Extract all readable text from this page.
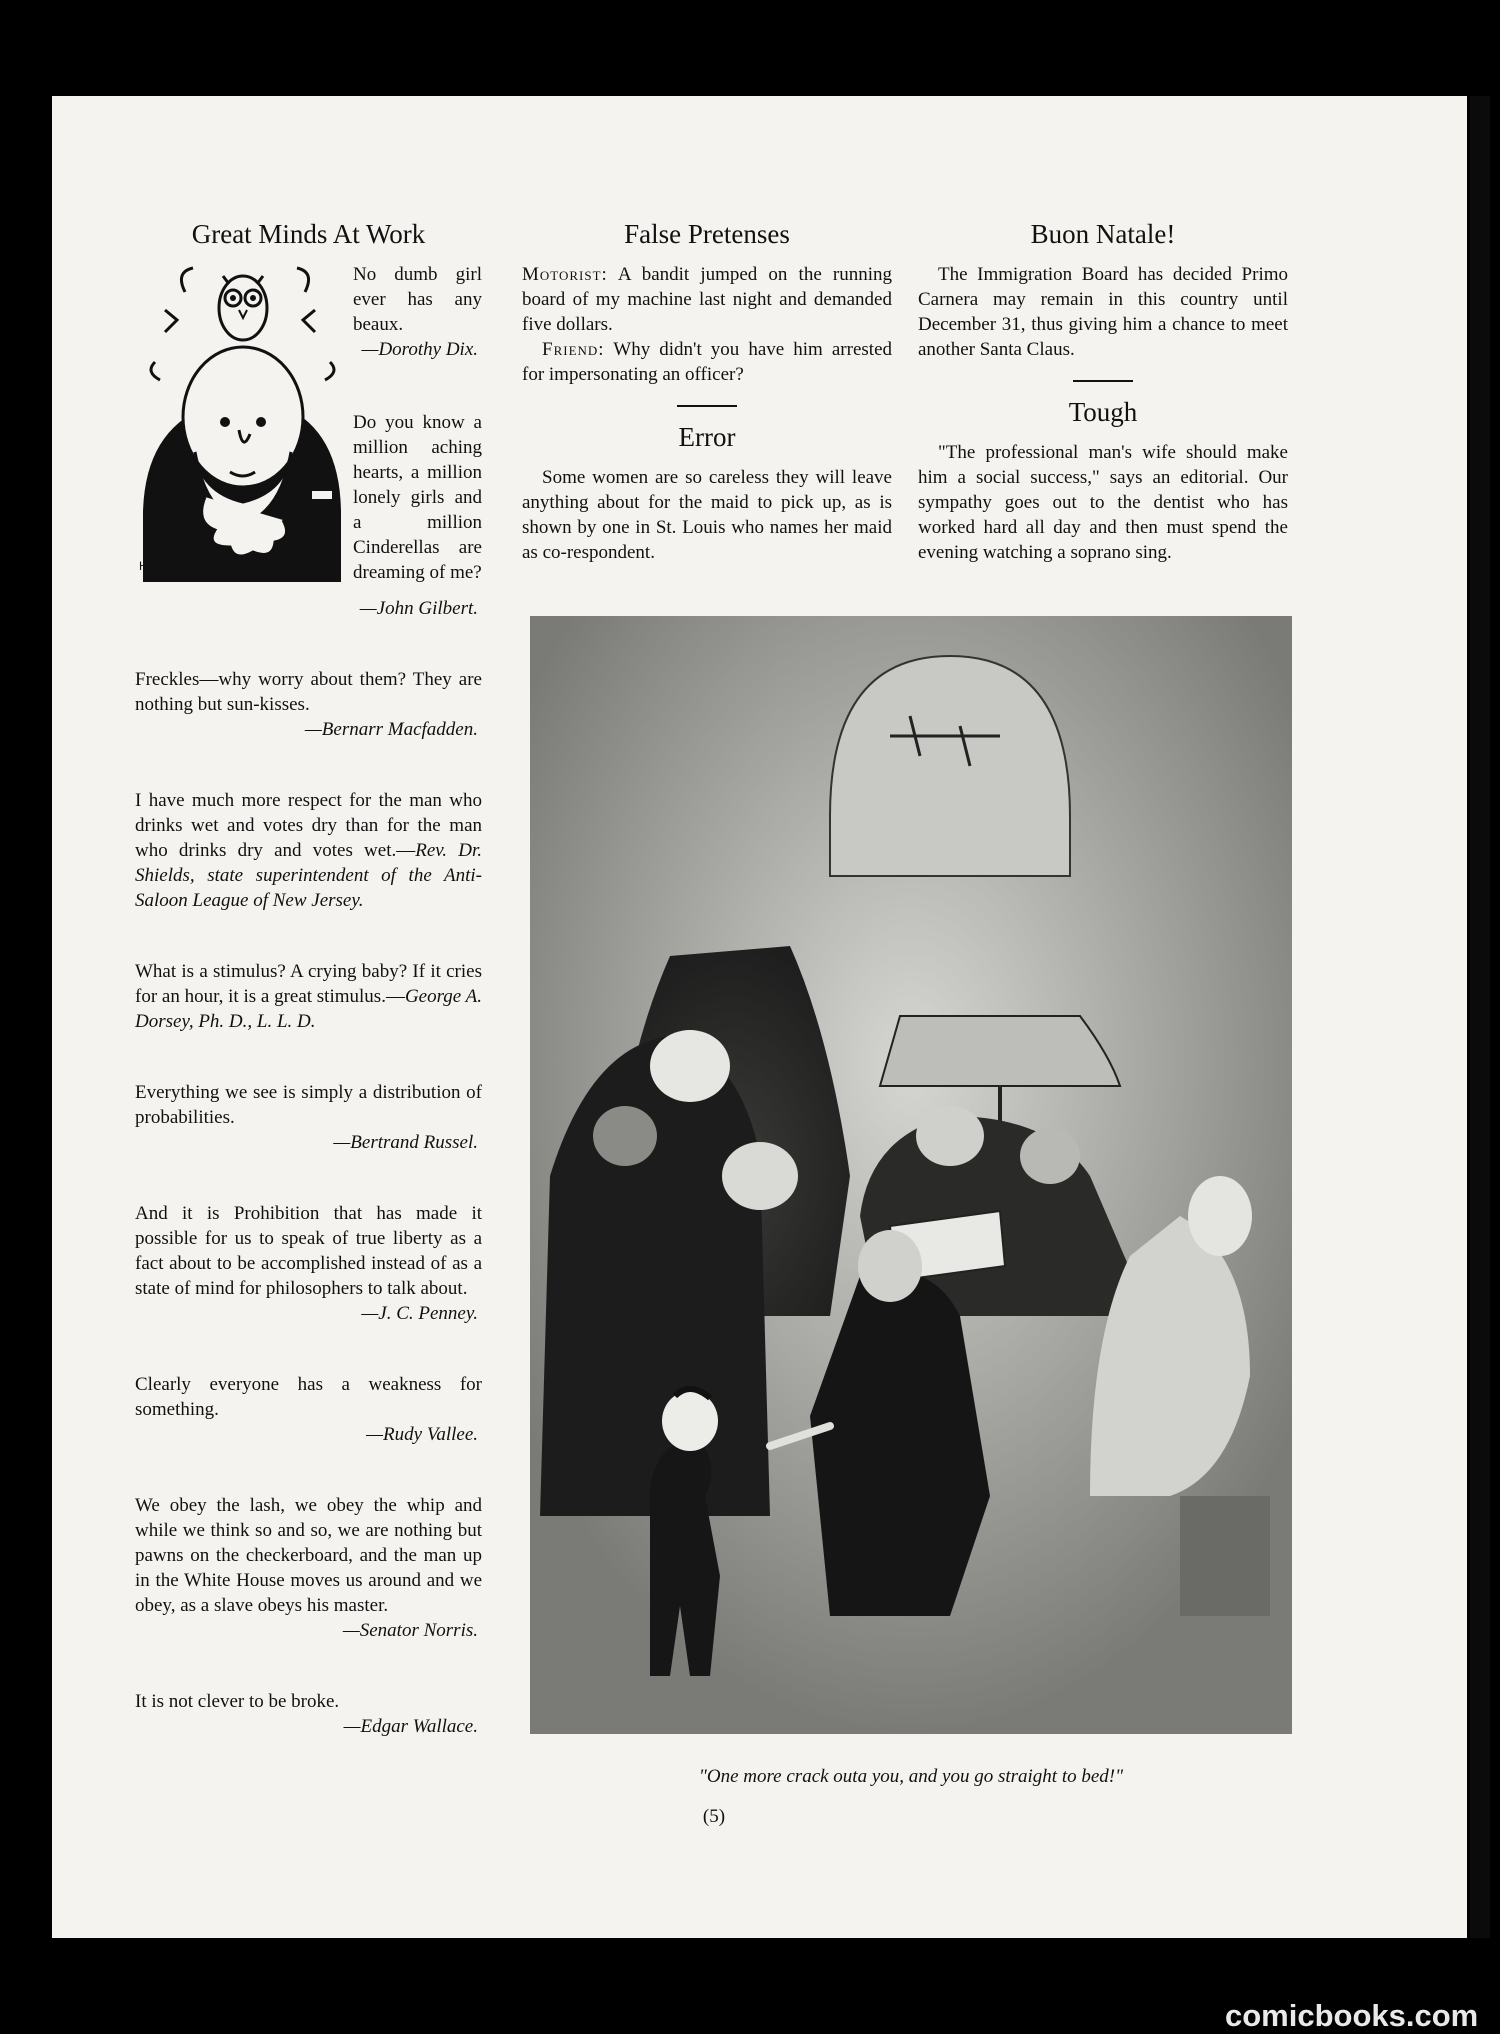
Great Minds At Work
HG
No dumb girl ever has any beaux.
—Dorothy Dix.
Do you know a million aching hearts, a million lonely girls and a million Cinderellas are dreaming of me?
—John Gilbert.
Freckles—why worry about them? They are nothing but sun-kisses.
—Bernarr Macfadden.
I have much more respect for the man who drinks wet and votes dry than for the man who drinks dry and votes wet.—Rev. Dr. Shields, state superintendent of the Anti-Saloon League of New Jersey.
What is a stimulus? A crying baby? If it cries for an hour, it is a great stimulus.—George A. Dorsey, Ph. D., L. L. D.
Everything we see is simply a distribution of probabilities.
—Bertrand Russel.
And it is Prohibition that has made it possible for us to speak of true liberty as a fact about to be accomplished instead of as a state of mind for philosophers to talk about.
—J. C. Penney.
Clearly everyone has a weakness for something.
—Rudy Vallee.
We obey the lash, we obey the whip and while we think so and so, we are nothing but pawns on the checkerboard, and the man up in the White House moves us around and we obey, as a slave obeys his master.
—Senator Norris.
It is not clever to be broke.
—Edgar Wallace.
False Pretenses
Motorist: A bandit jumped on the running board of my machine last night and demanded five dollars.
Friend: Why didn't you have him arrested for impersonating an officer?
Error
Some women are so careless they will leave anything about for the maid to pick up, as is shown by one in St. Louis who names her maid as co-respondent.
Buon Natale!
The Immigration Board has decided Primo Carnera may remain in this country until December 31, thus giving him a chance to meet another Santa Claus.
Tough
"The professional man's wife should make him a social success," says an editorial. Our sympathy goes out to the dentist who has worked hard all day and then must spend the evening watching a soprano sing.
"One more crack outa you, and you go straight to bed!"
(5)
comicbooks.com
